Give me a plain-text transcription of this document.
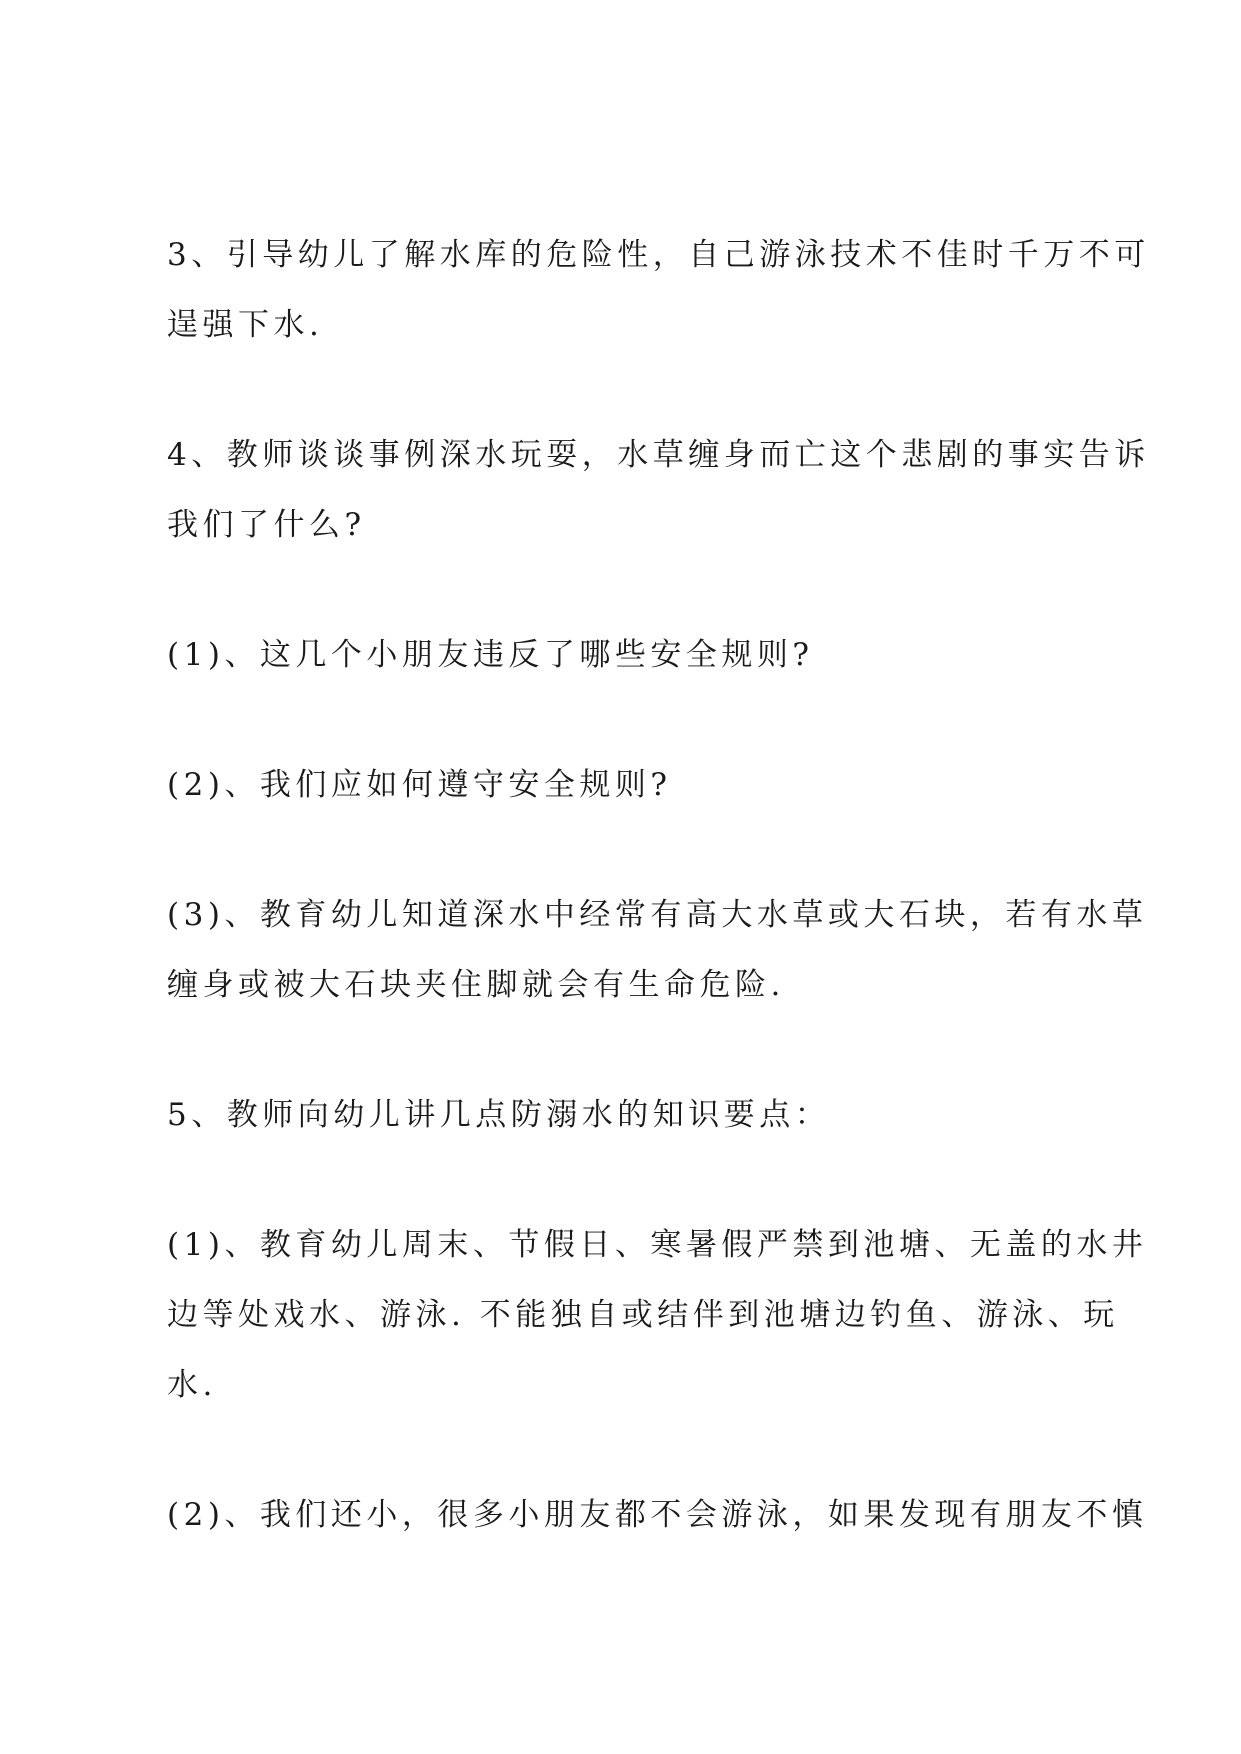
3、引导幼儿了解水库的危险性，自己游泳技术不佳时千万不可
逞强下水.

4、教师谈谈事例深水玩耍，水草缠身而亡这个悲剧的事实告诉
我们了什么?

(1)、这几个小朋友违反了哪些安全规则?

(2)、我们应如何遵守安全规则?

(3)、教育幼儿知道深水中经常有高大水草或大石块，若有水草
缠身或被大石块夹住脚就会有生命危险.

5、教师向幼儿讲几点防溺水的知识要点：

(1)、教育幼儿周末、节假日、寒暑假严禁到池塘、无盖的水井
边等处戏水、游泳. 不能独自或结伴到池塘边钓鱼、游泳、玩
水.

(2)、我们还小，很多小朋友都不会游泳，如果发现有朋友不慎
